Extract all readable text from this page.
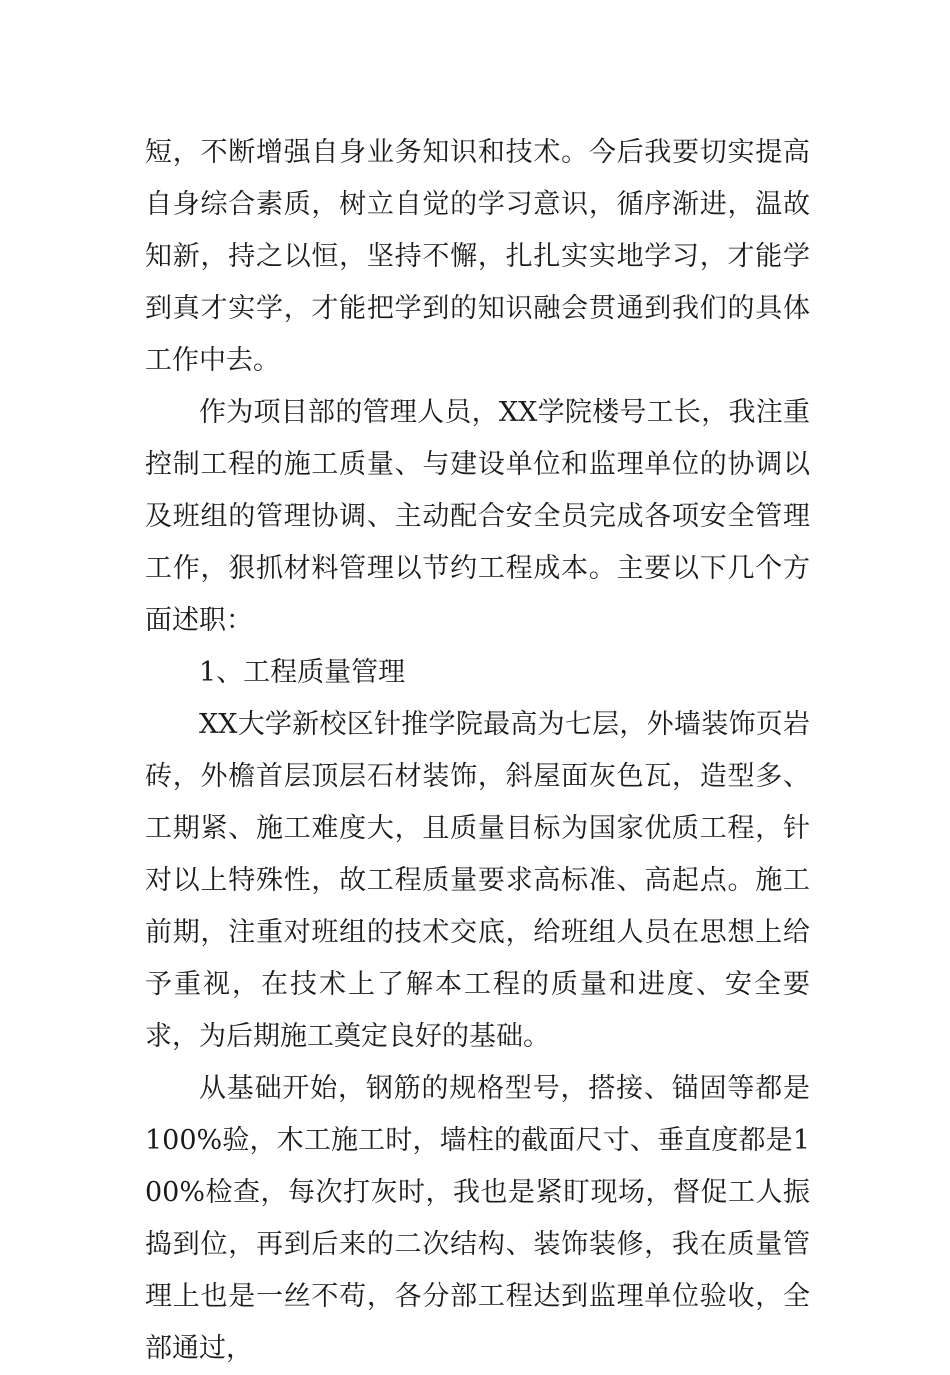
短，不断增强自身业务知识和技术。今后我要切实提高自身综合素质，树立自觉的学习意识，循序渐进，温故知新，持之以恒，坚持不懈，扎扎实实地学习，才能学到真才实学，才能把学到的知识融会贯通到我们的具体工作中去。

作为项目部的管理人员，XX学院楼号工长，我注重控制工程的施工质量、与建设单位和监理单位的协调以及班组的管理协调、主动配合安全员完成各项安全管理工作，狠抓材料管理以节约工程成本。主要以下几个方面述职：

1、工程质量管理

XX大学新校区针推学院最高为七层，外墙装饰页岩砖，外檐首层顶层石材装饰，斜屋面灰色瓦，造型多、工期紧、施工难度大，且质量目标为国家优质工程，针对以上特殊性，故工程质量要求高标准、高起点。施工前期，注重对班组的技术交底，给班组人员在思想上给予重视，在技术上了解本工程的质量和进度、安全要求，为后期施工奠定良好的基础。

从基础开始，钢筋的规格型号，搭接、锚固等都是100%验，木工施工时，墙柱的截面尺寸、垂直度都是100%检查，每次打灰时，我也是紧盯现场，督促工人振捣到位，再到后来的二次结构、装饰装修，我在质量管理上也是一丝不苟，各分部工程达到监理单位验收，全部通过，
